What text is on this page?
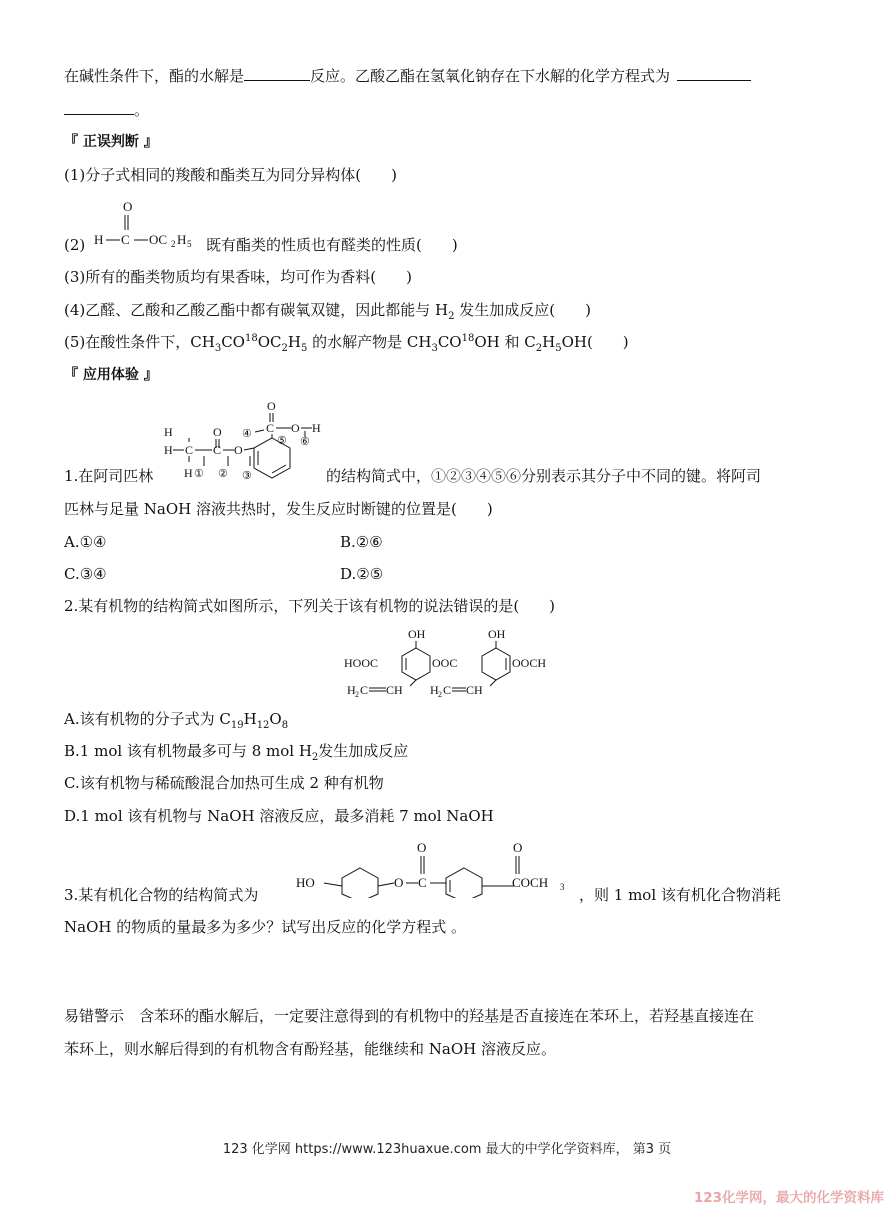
在碱性条件下，酯的水解是	反应。乙酸乙酯在氢氧化钠存在下水解的化学方程式为
。
『 正误判断 』
(1)分子式相同的羧酸和酯类互为同分异构体(　　)
(2)
O
H C OC 2 H 5 既有酯类的性质也有醛类的性质(　　)
(3)所有的酯类物质均有果香味，均可作为香料(　　)
(4)乙醛、乙酸和乙酸乙酯中都有碳氧双键，因此都能与 $H_2$ 发生加成反应(　　)
(5)在酸性条件下，$CH_3CO^{18}OC_2H_5$ 的水解产物是 $CH_3CO^{18}OH$ 和 $C_2H_5OH$(　　)
『 应用体验 』
1.在阿司匹林
O
C O H
⑤ ⑥
④
H	O
H C C O
H ① ② ③	的结构简式中，①②③④⑤⑥分别表示其分子中不同的键。将阿司
匹林与足量 NaOH 溶液共热时，发生反应时断键的位置是(　　)
A.①④	B.②⑥
C.③④	D.②⑤
2.某有机物的结构简式如图所示，下列关于该有机物的说法错误的是(　　)
OH	OH
HOOC	OOC	OOCH
H 2 C CH H 2 C CH
A.该有机物的分子式为 $C_{19}H_{12}O_8$
B.1 mol 该有机物最多可与 8 mol $H_2$发生加成反应
C.该有机物与稀硫酸混合加热可生成 2 种有机物
D.1 mol 该有机物与 NaOH 溶液反应，最多消耗 7 mol NaOH
3.某有机化合物的结构简式为
HO	O
O
C
O
COCH 3 ，则 1 mol 该有机化合物消耗
NaOH 的物质的量最多为多少？试写出反应的化学方程式 。
易错警示　含苯环的酯水解后，一定要注意得到的有机物中的羟基是否直接连在苯环上，若羟基直接连在
苯环上，则水解后得到的有机物含有酚羟基，能继续和 NaOH 溶液反应。
123 化学网 https://www.123huaxue.com 最大的中学化学资料库， 第3 页
123化学网，最大的化学资料库
